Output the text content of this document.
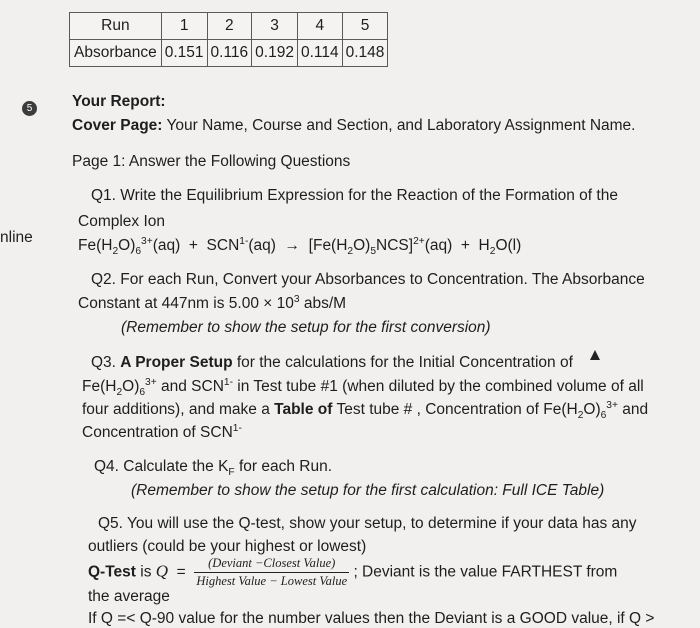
Run	1	2	3	4	5
Absorbance	0.151	0.116	0.192	0.114	0.148
5
nline
Your Report:
Cover Page: Your Name, Course and Section, and Laboratory Assignment Name.
Page 1: Answer the Following Questions
Q1. Write the Equilibrium Expression for the Reaction of the Formation of the
Complex Ion
$Fe(H_2O)_6^{3+}(aq) + SCN^{1-}(aq) \to [Fe(H_2O)_5NCS]^{2+}(aq) + H_2O(l)$
Q2. For each Run, Convert your Absorbances to Concentration. The Absorbance
Constant at 447nm is $5.00 \times 10^3$ abs/M
(Remember to show the setup for the first conversion)
Q3. A Proper Setup for the calculations for the Initial Concentration of
$Fe(H_2O)_6^{3+}$ and $SCN^{1-}$ in Test tube #1 (when diluted by the combined volume of all
four additions), and make a Table of Test tube # , Concentration of $Fe(H_2O)_6^{3+}$ and
Concentration of $SCN^{1-}$
Q4. Calculate the $K_F$ for each Run.
(Remember to show the setup for the first calculation: Full ICE Table)
Q5. You will use the Q-test, show your setup, to determine if your data has any
outliers (could be your highest or lowest)
Q-Test is $Q = \frac{\text{(Deviant −Closest Value)}}{\text{Highest Value − Lowest Value}}$ ; Deviant is the value FARTHEST from
the average
If Q =< Q-90 value for the number values then the Deviant is a GOOD value, if Q >
